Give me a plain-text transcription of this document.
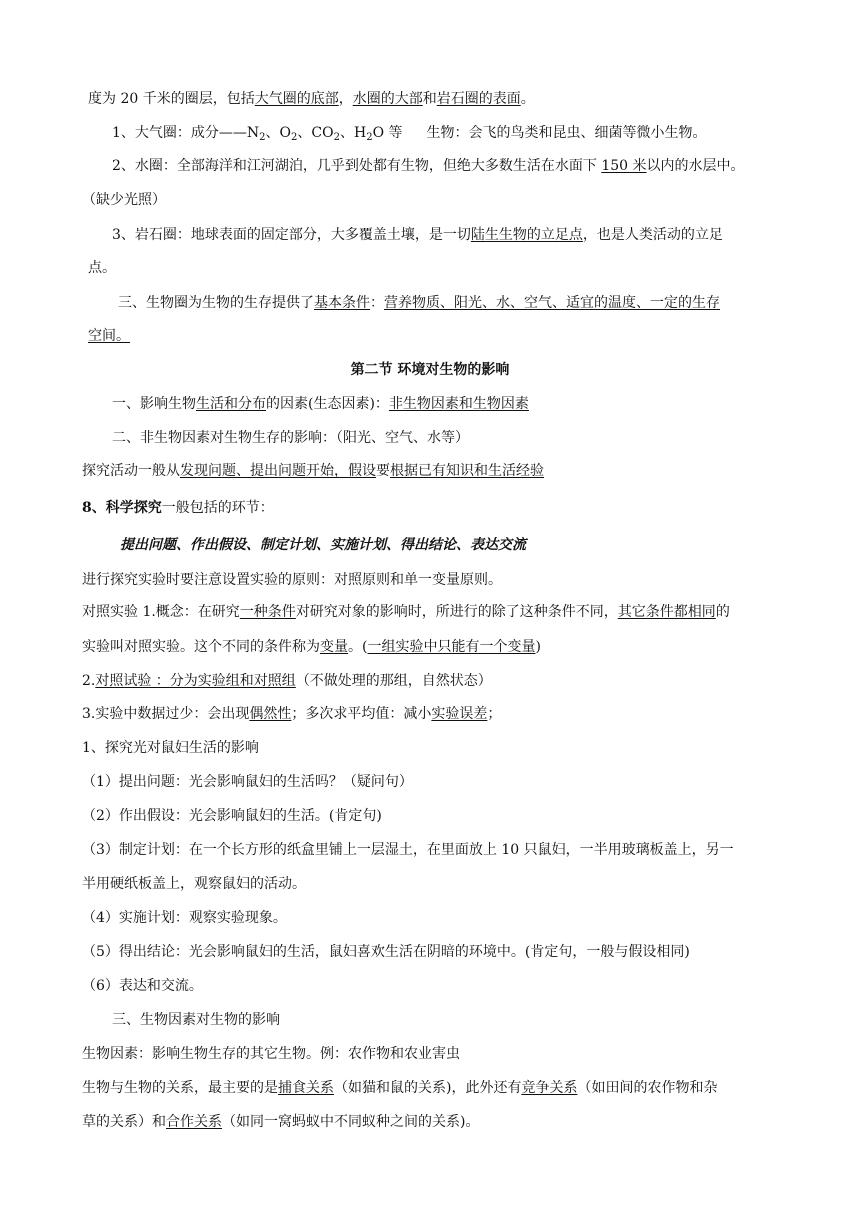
度为 20 千米的圈层，包括大气圈的底部，水圈的大部和岩石圈的表面。
1、大气圈：成分$——N_2$、$O_2$、$CO_2$、$H_2O$ 等 生物：会飞的鸟类和昆虫、细菌等微小生物。
2、水圈：全部海洋和江河湖泊，几乎到处都有生物，但绝大多数生活在水面下 150 米以内的水层中。
（缺少光照）
3、岩石圈：地球表面的固定部分，大多覆盖土壤，是一切陆生生物的立足点，也是人类活动的立足
点。
三、生物圈为生物的生存提供了基本条件：营养物质、阳光、水、空气、适宜的温度、一定的生存
空间。
第二节 环境对生物的影响
一、影响生物生活和分布的因素(生态因素)：非生物因素和生物因素
二、非生物因素对生物生存的影响：（阳光、空气、水等）
探究活动一般从发现问题、提出问题开始，假设要根据已有知识和生活经验
8、科学探究一般包括的环节：
提出问题、作出假设、制定计划、实施计划、得出结论、表达交流
进行探究实验时要注意设置实验的原则：对照原则和单一变量原则。
对照实验 1.概念：在研究一种条件对研究对象的影响时，所进行的除了这种条件不同，其它条件都相同的
实验叫对照实验。这个不同的条件称为变量。(一组实验中只能有一个变量)
2.对照试验 ：分为实验组和对照组（不做处理的那组，自然状态）
3.实验中数据过少：会出现偶然性；多次求平均值：减小实验误差；
1、探究光对鼠妇生活的影响
（1）提出问题：光会影响鼠妇的生活吗？（疑问句）
（2）作出假设：光会影响鼠妇的生活。(肯定句)
（3）制定计划：在一个长方形的纸盒里铺上一层湿土，在里面放上 10 只鼠妇，一半用玻璃板盖上，另一
半用硬纸板盖上，观察鼠妇的活动。
（4）实施计划：观察实验现象。
（5）得出结论：光会影响鼠妇的生活，鼠妇喜欢生活在阴暗的环境中。(肯定句，一般与假设相同)
（6）表达和交流。
三、生物因素对生物的影响
生物因素：影响生物生存的其它生物。例：农作物和农业害虫
生物与生物的关系，最主要的是捕食关系（如猫和鼠的关系)，此外还有竞争关系（如田间的农作物和杂
草的关系）和合作关系（如同一窝蚂蚁中不同蚁种之间的关系)。
